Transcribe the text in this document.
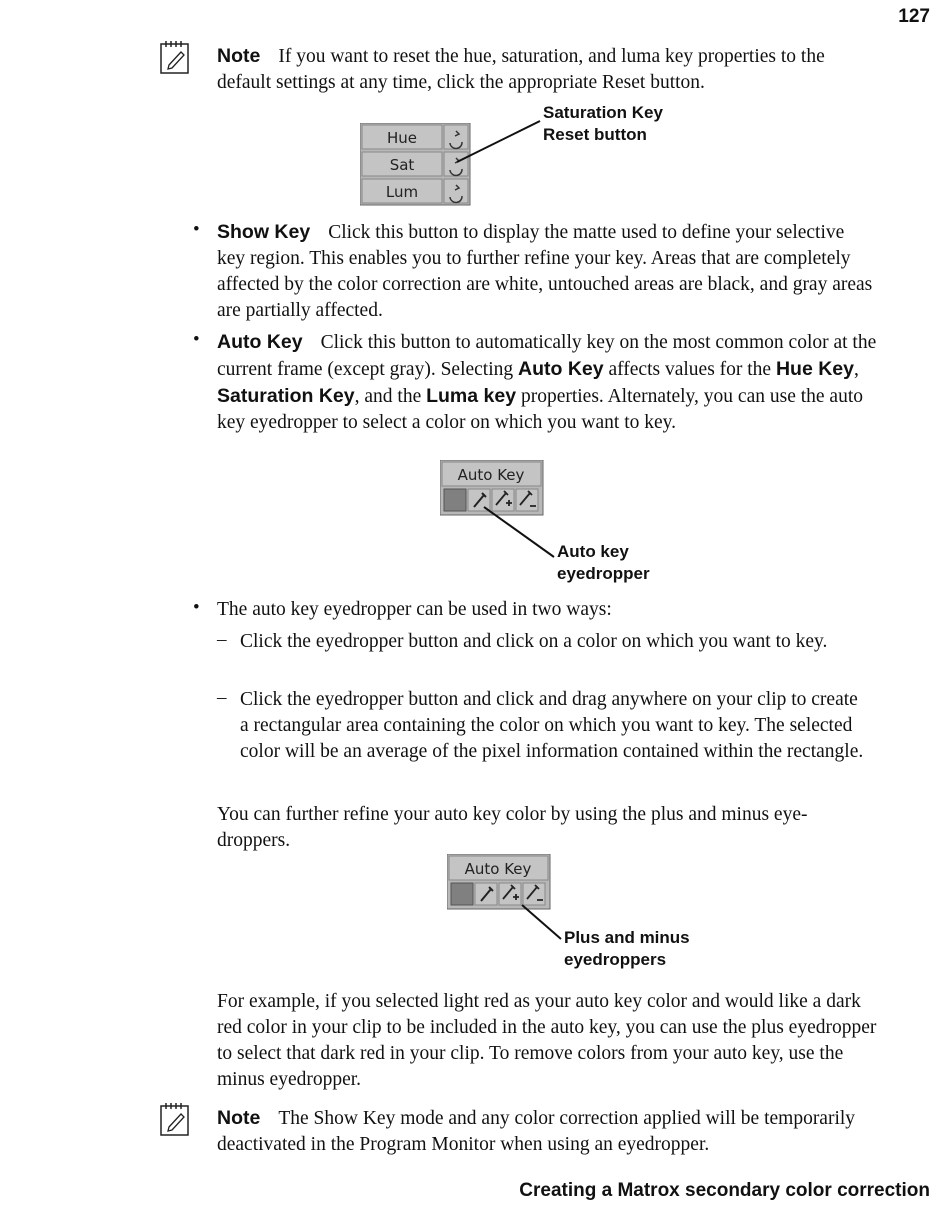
127
Note If you want to reset the hue, saturation, and luma key properties to the default settings at any time, click the appropriate Reset button.
Hue
Sat
Lum
Saturation Key
Reset button
• Show Key Click this button to display the matte used to define your selective key region. This enables you to further refine your key. Areas that are completely affected by the color correction are white, untouched areas are black, and gray areas are partially affected.
• Auto Key Click this button to automatically key on the most common color at the current frame (except gray). Selecting Auto Key affects values for the Hue Key, Saturation Key, and the Luma key properties. Alternately, you can use the auto key eyedropper to select a color on which you want to key.
Auto Key
Auto key
eyedropper
• The auto key eyedropper can be used in two ways:
– Click the eyedropper button and click on a color on which you want to key.
– Click the eyedropper button and click and drag anywhere on your clip to create a rectangular area containing the color on which you want to key. The selected color will be an average of the pixel information contained within the rectangle.
You can further refine your auto key color by using the plus and minus eye-droppers.
Auto Key
Plus and minus
eyedroppers
For example, if you selected light red as your auto key color and would like a dark red color in your clip to be included in the auto key, you can use the plus eyedropper to select that dark red in your clip. To remove colors from your auto key, use the minus eyedropper.
Note The Show Key mode and any color correction applied will be temporarily deactivated in the Program Monitor when using an eyedropper.
Creating a Matrox secondary color correction
